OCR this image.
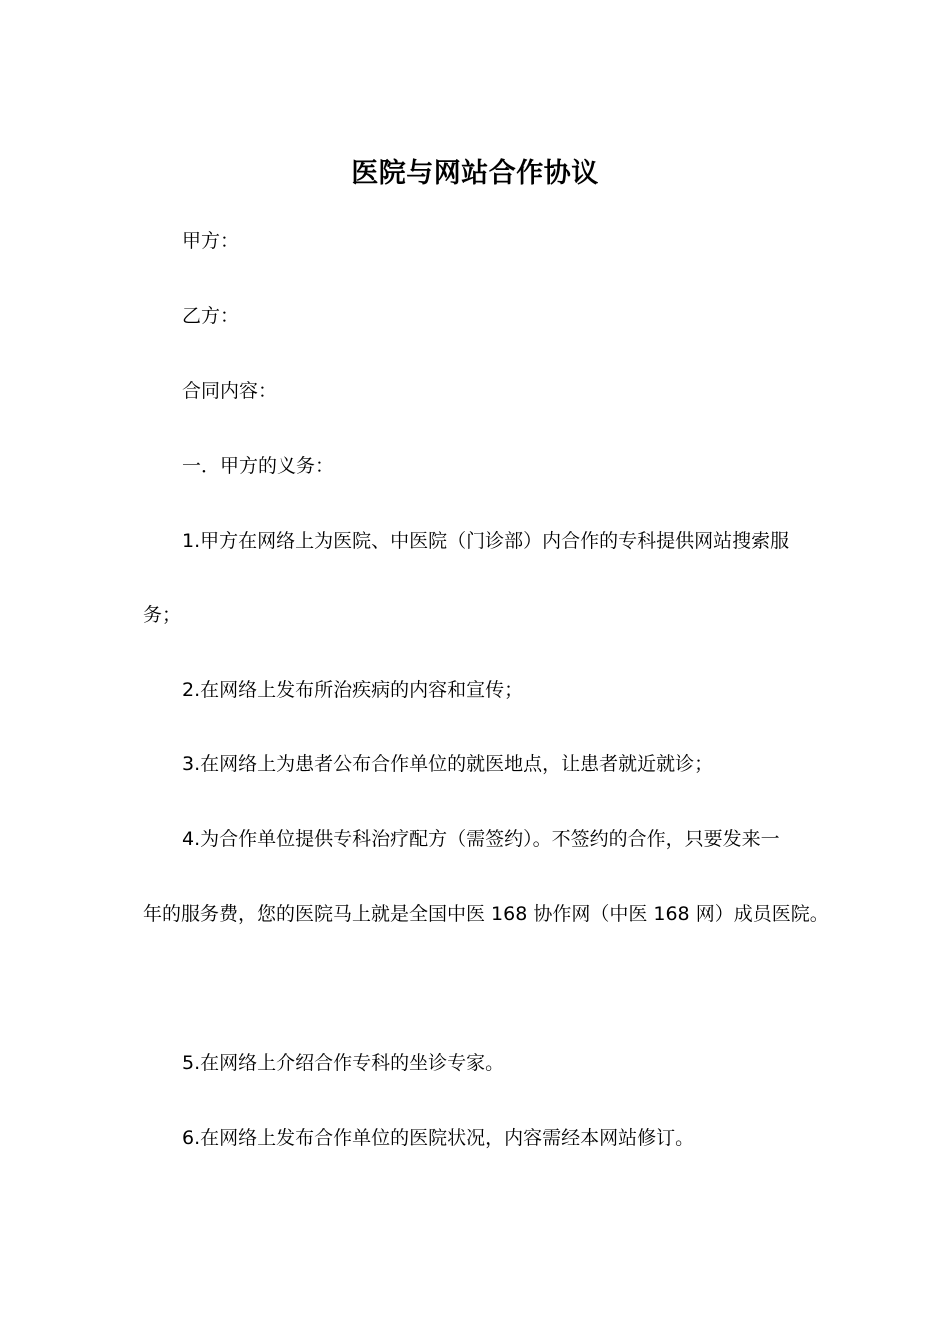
医院与网站合作协议
甲方：
乙方：
合同内容：
一．甲方的义务：
1.甲方在网络上为医院、中医院（门诊部）内合作的专科提供网站搜索服
务；
2.在网络上发布所治疾病的内容和宣传；
3.在网络上为患者公布合作单位的就医地点，让患者就近就诊；
4.为合作单位提供专科治疗配方（需签约）。不签约的合作，只要发来一
年的服务费，您的医院马上就是全国中医 168 协作网（中医 168 网）成员医院。
5.在网络上介绍合作专科的坐诊专家。
6.在网络上发布合作单位的医院状况，内容需经本网站修订。
